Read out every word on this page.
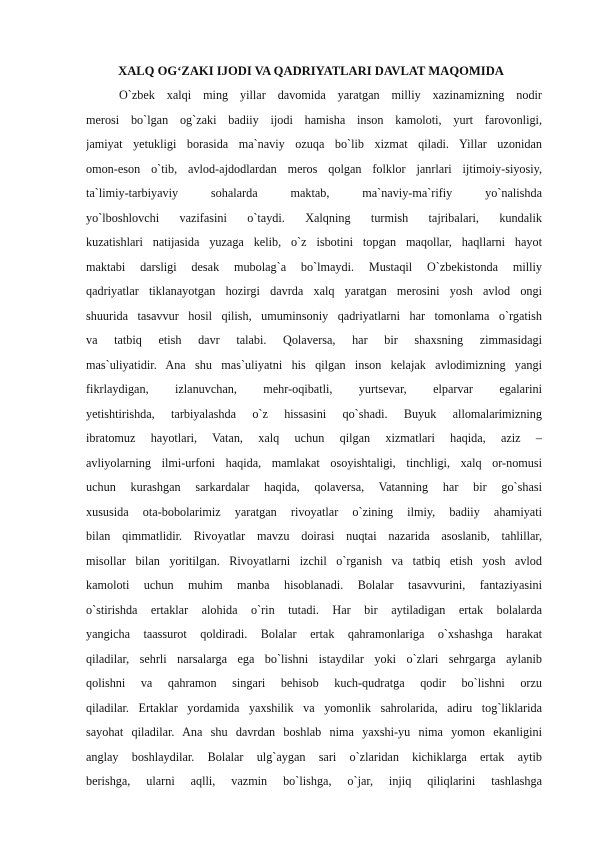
XALQ OG‘ZAKI IJODI VA QADRIYATLARI DAVLAT MAQOMIDA
O`zbek xalqi ming yillar davomida yaratgan milliy xazinamizning nodir
merosi bo`lgan og`zaki badiiy ijodi hamisha inson kamoloti, yurt farovonligi,
jamiyat yetukligi borasida ma`naviy ozuqa bo`lib xizmat qiladi. Yillar uzonidan
omon-eson o`tib, avlod-ajdodlardan meros qolgan folklor janrlari ijtimoiy-siyosiy,
ta`limiy-tarbiyaviy sohalarda maktab, ma`naviy-ma`rifiy yo`nalishda
yo`lboshlovchi vazifasini o`taydi. Xalqning turmish tajribalari, kundalik
kuzatishlari natijasida yuzaga kelib, o`z isbotini topgan maqollar, haqllarni hayot
maktabi darsligi desak mubolag`a bo`lmaydi. Mustaqil O`zbekistonda milliy
qadriyatlar tiklanayotgan hozirgi davrda xalq yaratgan merosini yosh avlod ongi
shuurida tasavvur hosil qilish, umuminsoniy qadriyatlarni har tomonlama o`rgatish
va tatbiq etish davr talabi. Qolaversa, har bir shaxsning zimmasidagi
mas`uliyatidir. Ana shu mas`uliyatni his qilgan inson kelajak avlodimizning yangi
fikrlaydigan, izlanuvchan, mehr-oqibatli, yurtsevar, elparvar egalarini
yetishtirishda, tarbiyalashda o`z hissasini qo`shadi. Buyuk allomalarimizning
ibratomuz hayotlari, Vatan, xalq uchun qilgan xizmatlari haqida, aziz –
avliyolarning ilmi-urfoni haqida, mamlakat osoyishtaligi, tinchligi, xalq or-nomusi
uchun kurashgan sarkardalar haqida, qolaversa, Vatanning har bir go`shasi
xususida ota-bobolarimiz yaratgan rivoyatlar o`zining ilmiy, badiiy ahamiyati
bilan qimmatlidir. Rivoyatlar mavzu doirasi nuqtai nazarida asoslanib, tahlillar,
misollar bilan yoritilgan. Rivoyatlarni izchil o`rganish va tatbiq etish yosh avlod
kamoloti uchun muhim manba hisoblanadi. Bolalar tasavvurini, fantaziyasini
o`stirishda ertaklar alohida o`rin tutadi. Har bir aytiladigan ertak bolalarda
yangicha taassurot qoldiradi. Bolalar ertak qahramonlariga o`xshashga harakat
qiladilar, sehrli narsalarga ega bo`lishni istaydilar yoki o`zlari sehrgarga aylanib
qolishni va qahramon singari behisob kuch-qudratga qodir bo`lishni orzu
qiladilar. Ertaklar yordamida yaxshilik va yomonlik sahrolarida, adiru tog`liklarida
sayohat qiladilar. Ana shu davrdan boshlab nima yaxshi-yu nima yomon ekanligini
anglay boshlaydilar. Bolalar ulg`aygan sari o`zlaridan kichiklarga ertak aytib
berishga, ularni aqlli, vazmin bo`lishga, o`jar, injiq qiliqlarini tashlashga
